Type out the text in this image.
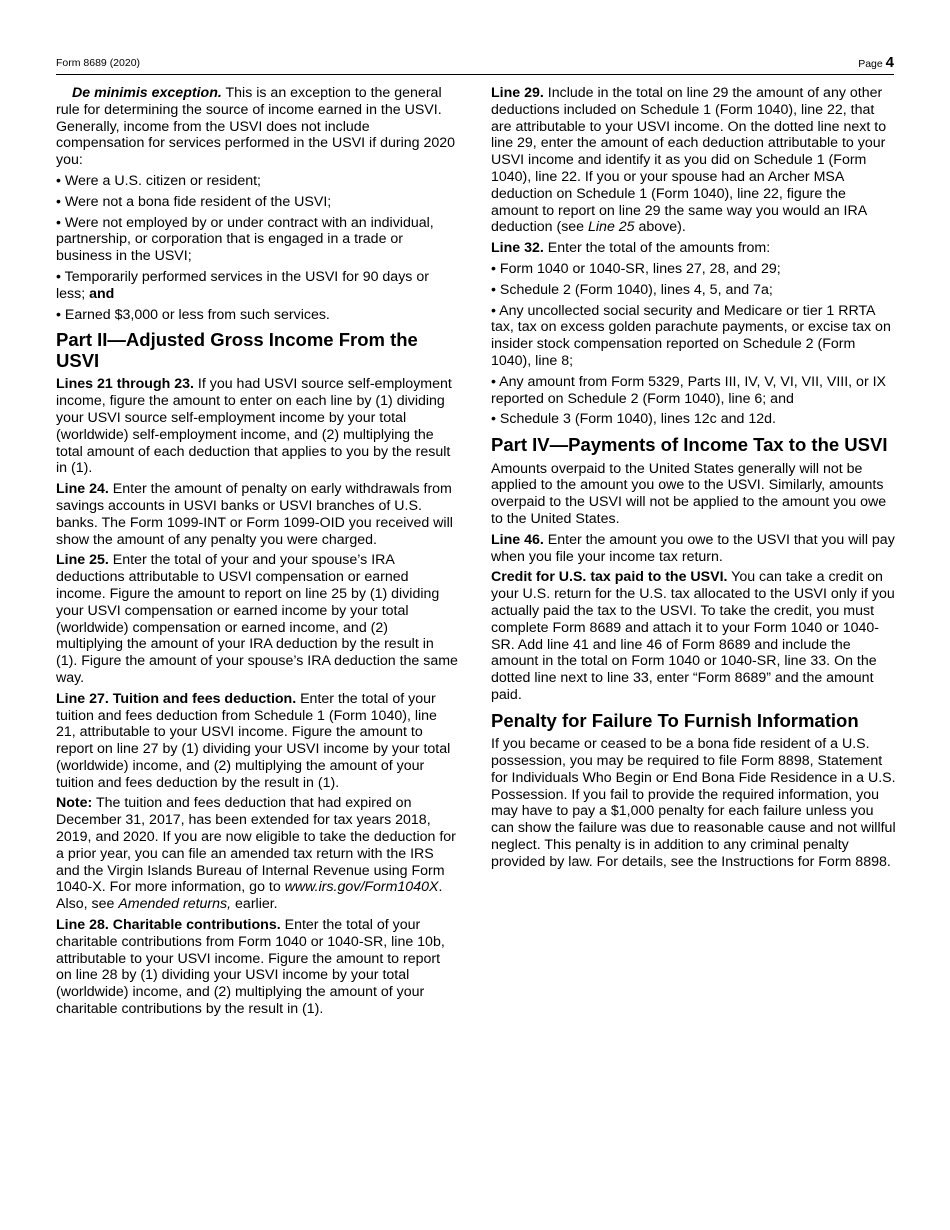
Form 8689 (2020)	Page 4

De minimis exception. This is an exception to the general rule for determining the source of income earned in the USVI. Generally, income from the USVI does not include compensation for services performed in the USVI if during 2020 you:

• Were a U.S. citizen or resident;

• Were not a bona fide resident of the USVI;

• Were not employed by or under contract with an individual, partnership, or corporation that is engaged in a trade or business in the USVI;

• Temporarily performed services in the USVI for 90 days or less; and

• Earned $3,000 or less from such services.

Part II—Adjusted Gross Income From the USVI

Lines 21 through 23. If you had USVI source self-employment income, figure the amount to enter on each line by (1) dividing your USVI source self-employment income by your total (worldwide) self-employment income, and (2) multiplying the total amount of each deduction that applies to you by the result in (1).

Line 24. Enter the amount of penalty on early withdrawals from savings accounts in USVI banks or USVI branches of U.S. banks. The Form 1099-INT or Form 1099-OID you received will show the amount of any penalty you were charged.

Line 25. Enter the total of your and your spouse’s IRA deductions attributable to USVI compensation or earned income. Figure the amount to report on line 25 by (1) dividing your USVI compensation or earned income by your total (worldwide) compensation or earned income, and (2) multiplying the amount of your IRA deduction by the result in (1). Figure the amount of your spouse’s IRA deduction the same way.

Line 27. Tuition and fees deduction. Enter the total of your tuition and fees deduction from Schedule 1 (Form 1040), line 21, attributable to your USVI income. Figure the amount to report on line 27 by (1) dividing your USVI income by your total (worldwide) income, and (2) multiplying the amount of your tuition and fees deduction by the result in (1).

Note: The tuition and fees deduction that had expired on December 31, 2017, has been extended for tax years 2018, 2019, and 2020. If you are now eligible to take the deduction for a prior year, you can file an amended tax return with the IRS and the Virgin Islands Bureau of Internal Revenue using Form 1040-X. For more information, go to www.irs.gov/Form1040X. Also, see Amended returns, earlier.

Line 28. Charitable contributions. Enter the total of your charitable contributions from Form 1040 or 1040-SR, line 10b, attributable to your USVI income. Figure the amount to report on line 28 by (1) dividing your USVI income by your total (worldwide) income, and (2) multiplying the amount of your charitable contributions by the result in (1).

Line 29. Include in the total on line 29 the amount of any other deductions included on Schedule 1 (Form 1040), line 22, that are attributable to your USVI income. On the dotted line next to line 29, enter the amount of each deduction attributable to your USVI income and identify it as you did on Schedule 1 (Form 1040), line 22. If you or your spouse had an Archer MSA deduction on Schedule 1 (Form 1040), line 22, figure the amount to report on line 29 the same way you would an IRA deduction (see Line 25 above).

Line 32. Enter the total of the amounts from:

• Form 1040 or 1040-SR, lines 27, 28, and 29;

• Schedule 2 (Form 1040), lines 4, 5, and 7a;

• Any uncollected social security and Medicare or tier 1 RRTA tax, tax on excess golden parachute payments, or excise tax on insider stock compensation reported on Schedule 2 (Form 1040), line 8;

• Any amount from Form 5329, Parts III, IV, V, VI, VII, VIII, or IX reported on Schedule 2 (Form 1040), line 6; and

• Schedule 3 (Form 1040), lines 12c and 12d.

Part IV—Payments of Income Tax to the USVI

Amounts overpaid to the United States generally will not be applied to the amount you owe to the USVI. Similarly, amounts overpaid to the USVI will not be applied to the amount you owe to the United States.

Line 46. Enter the amount you owe to the USVI that you will pay when you file your income tax return.

Credit for U.S. tax paid to the USVI. You can take a credit on your U.S. return for the U.S. tax allocated to the USVI only if you actually paid the tax to the USVI. To take the credit, you must complete Form 8689 and attach it to your Form 1040 or 1040-SR. Add line 41 and line 46 of Form 8689 and include the amount in the total on Form 1040 or 1040-SR, line 33. On the dotted line next to line 33, enter “Form 8689” and the amount paid.

Penalty for Failure To Furnish Information

If you became or ceased to be a bona fide resident of a U.S. possession, you may be required to file Form 8898, Statement for Individuals Who Begin or End Bona Fide Residence in a U.S. Possession. If you fail to provide the required information, you may have to pay a $1,000 penalty for each failure unless you can show the failure was due to reasonable cause and not willful neglect. This penalty is in addition to any criminal penalty provided by law. For details, see the Instructions for Form 8898.
